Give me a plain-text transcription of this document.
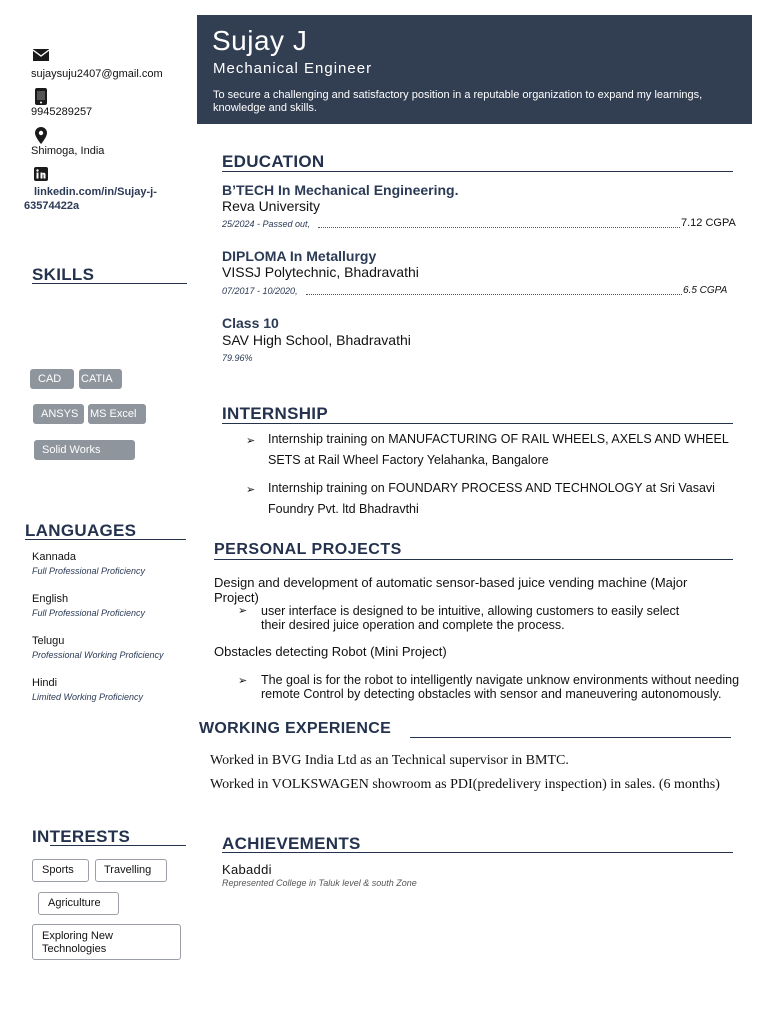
Sujay J
Mechanical Engineer
To secure a challenging and satisfactory position in a reputable organization to expand my learnings, knowledge and skills.
sujaysuju2407@gmail.com
9945289257
Shimoga, India
linkedin.com/in/Sujay-j-
63574422a
SKILLS
CAD	CATIA
ANSYS	MS Excel
Solid Works
LANGUAGES
Kannada
Full Professional Proficiency
English
Full Professional Proficiency
Telugu
Professional Working Proficiency
Hindi
Limited Working Proficiency
INTERESTS
Sports	Travelling
Agriculture
Exploring New
Technologies
EDUCATION
B’TECH In Mechanical Engineering.
Reva University
25/2024 - Passed out,	7.12 CGPA
DIPLOMA In Metallurgy
VISSJ Polytechnic, Bhadravathi
07/2017 - 10/2020,	6.5 CGPA
Class 10
SAV High School, Bhadravathi
79.96%
INTERNSHIP
➢ Internship training on MANUFACTURING OF RAIL WHEELS, AXELS AND WHEEL
SETS at Rail Wheel Factory Yelahanka, Bangalore
➢ Internship training on FOUNDARY PROCESS AND TECHNOLOGY at Sri Vasavi
Foundry Pvt. ltd Bhadravthi
PERSONAL PROJECTS
Design and development of automatic sensor-based juice vending machine (Major
Project)
➢ user interface is designed to be intuitive, allowing customers to easily select
their desired juice operation and complete the process.
Obstacles detecting Robot (Mini Project)
➢ The goal is for the robot to intelligently navigate unknow environments without needing
remote Control by detecting obstacles with sensor and maneuvering autonomously.
WORKING EXPERIENCE
Worked in BVG India Ltd as an Technical supervisor in BMTC.
Worked in VOLKSWAGEN showroom as PDI(predelivery inspection) in sales. (6 months)
ACHIEVEMENTS
Kabaddi
Represented College in Taluk level & south Zone
